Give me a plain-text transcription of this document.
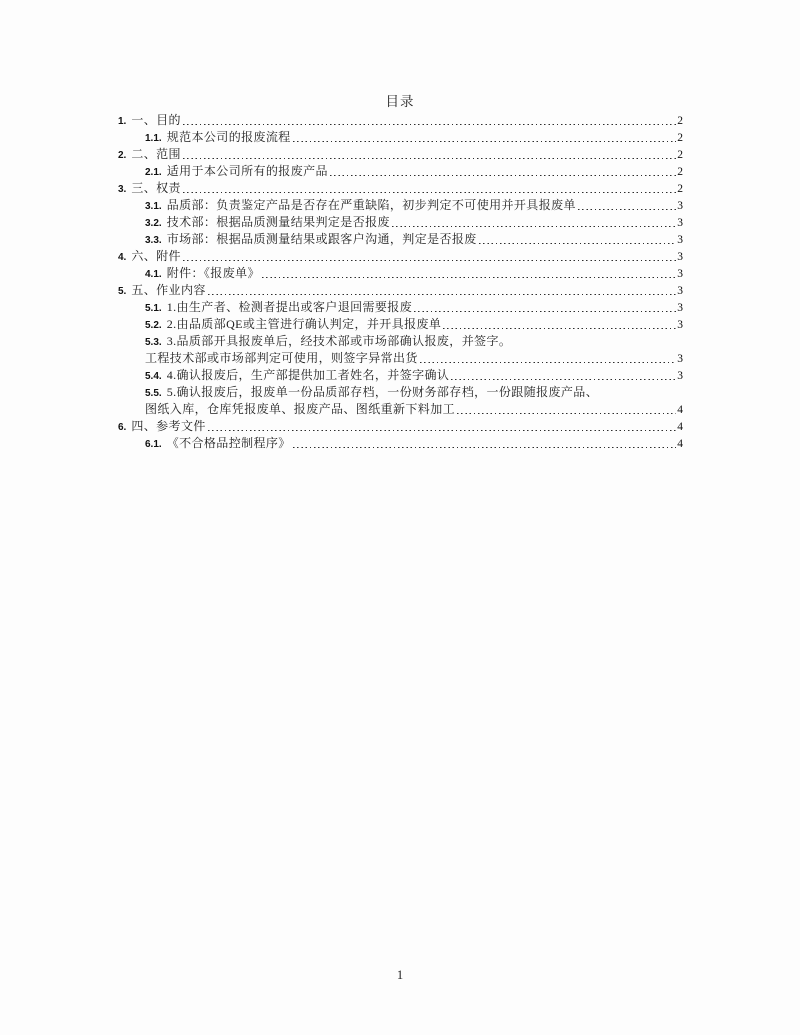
目录
1. 一、目的	2
1.1. 规范本公司的报废流程	2
2. 二、范围	2
2.1. 适用于本公司所有的报废产品	2
3. 三、权责	2
3.1. 品质部：负责鉴定产品是否存在严重缺陷，初步判定不可使用并开具报废单	3
3.2. 技术部：根据品质测量结果判定是否报废	3
3.3. 市场部：根据品质测量结果或跟客户沟通，判定是否报废	3
4. 六、附件	3
4.1. 附件：《报废单》	3
5. 五、作业内容	3
5.1. 1.由生产者、检测者提出或客户退回需要报废	3
5.2. 2.由品质部QE或主管进行确认判定，并开具报废单	3
5.3. 3.品质部开具报废单后，经技术部或市场部确认报废，并签字。
工程技术部或市场部判定可使用，则签字异常出货	3
5.4. 4.确认报废后，生产部提供加工者姓名，并签字确认	3
5.5. 5.确认报废后，报废单一份品质部存档，一份财务部存档，一份跟随报废产品、
图纸入库，仓库凭报废单、报废产品、图纸重新下料加工	4
6. 四、参考文件	4
6.1. 《不合格品控制程序》	4
1
